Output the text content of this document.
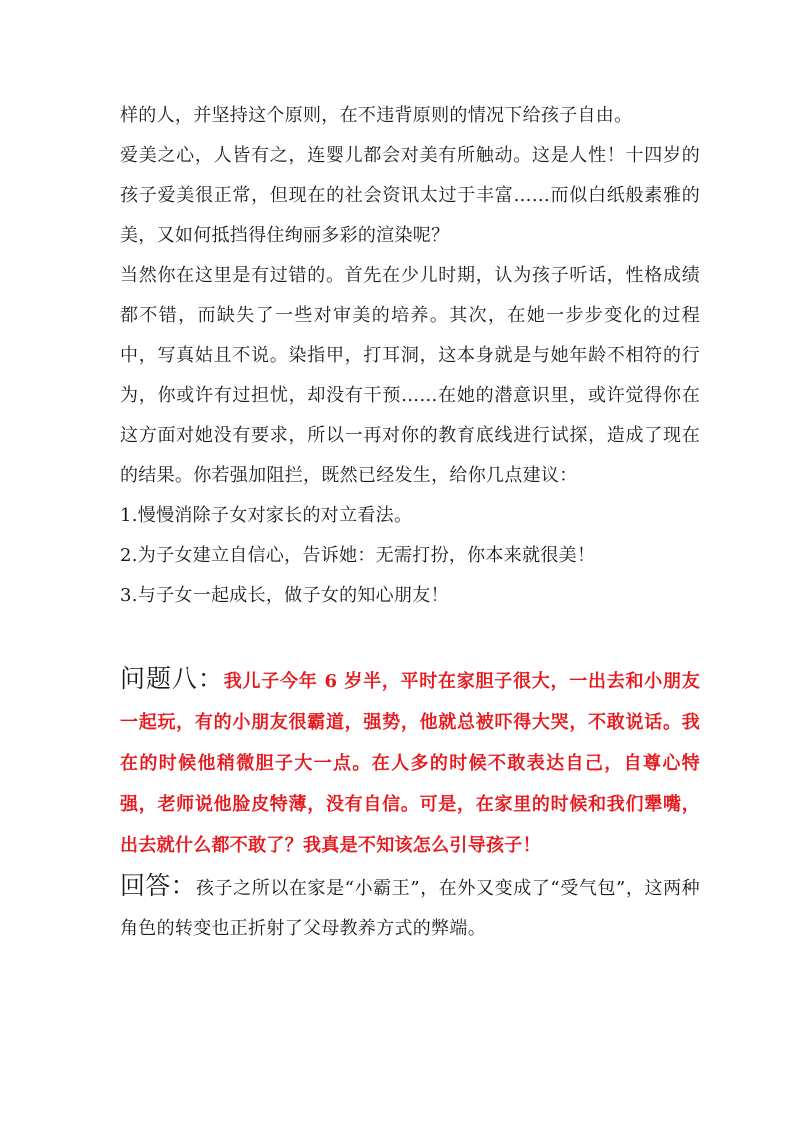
样的人，并坚持这个原则，在不违背原则的情况下给孩子自由。

爱美之心，人皆有之，连婴儿都会对美有所触动。这是人性！十四岁的孩子爱美很正常，但现在的社会资讯太过于丰富……而似白纸般素雅的美，又如何抵挡得住绚丽多彩的渲染呢？

当然你在这里是有过错的。首先在少儿时期，认为孩子听话，性格成绩都不错，而缺失了一些对审美的培养。其次，在她一步步变化的过程中，写真姑且不说。染指甲，打耳洞，这本身就是与她年龄不相符的行为，你或许有过担忧，却没有干预……在她的潜意识里，或许觉得你在这方面对她没有要求，所以一再对你的教育底线进行试探，造成了现在的结果。你若强加阻拦，既然已经发生，给你几点建议：

1.慢慢消除子女对家长的对立看法。

2.为子女建立自信心，告诉她：无需打扮，你本来就很美！

3.与子女一起成长，做子女的知心朋友！

问题八：我儿子今年 6 岁半，平时在家胆子很大，一出去和小朋友一起玩，有的小朋友很霸道，强势，他就总被吓得大哭，不敢说话。我在的时候他稍微胆子大一点。在人多的时候不敢表达自己，自尊心特强，老师说他脸皮特薄，没有自信。可是，在家里的时候和我们犟嘴，出去就什么都不敢了？我真是不知该怎么引导孩子！

回答：孩子之所以在家是“小霸王”，在外又变成了“受气包”，这两种角色的转变也正折射了父母教养方式的弊端。
